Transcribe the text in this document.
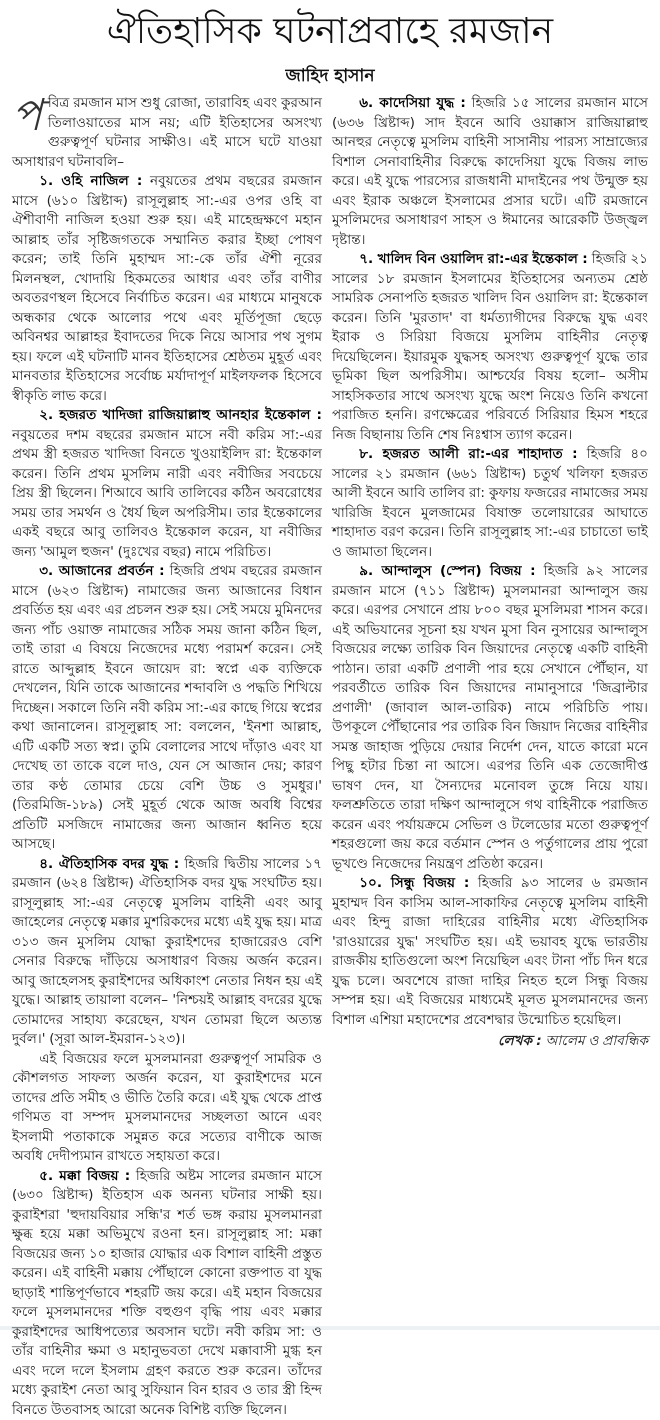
ঐতিহাসিক ঘটনাপ্রবাহে রমজান
জাহিদ হাসান

পবিত্র রমজান মাস শুধু রোজা, তারাবিহ এবং কুরআন তিলাওয়াতের মাস নয়; এটি ইতিহাসের অসংখ্য গুরুত্বপূর্ণ ঘটনার সাক্ষীও। এই মাসে ঘটে যাওয়া অসাধারণ ঘটনাবলি–

১. ওহি নাজিল : নবুয়তের প্রথম বছরের রমজান মাসে (৬১০ খ্রিষ্টাব্দ) রাসূলুল্লাহ সা:-এর ওপর ওহি বা ঐশীবাণী নাজিল হওয়া শুরু হয়। এই মাহেন্দ্রক্ষণে মহান আল্লাহ তাঁর সৃষ্টিজগতকে সম্মানিত করার ইচ্ছা পোষণ করেন; তাই তিনি মুহাম্মদ সা:-কে তাঁর ঐশী নূরের মিলনস্থল, খোদায়ি হিকমতের আধার এবং তাঁর বাণীর অবতরণস্থল হিসেবে নির্বাচিত করেন। এর মাধ্যমে মানুষকে অন্ধকার থেকে আলোর পথে এবং মূর্তিপূজা ছেড়ে অবিনশ্বর আল্লাহর ইবাদতের দিকে নিয়ে আসার পথ সুগম হয়। ফলে এই ঘটনাটি মানব ইতিহাসের শ্রেষ্ঠতম মুহূর্ত এবং মানবতার ইতিহাসের সর্বোচ্চ মর্যাদাপূর্ণ মাইলফলক হিসেবে স্বীকৃতি লাভ করে।

২. হজরত খাদিজা রাজিয়াল্লাহু আনহার ইন্তেকাল : নবুয়তের দশম বছরের রমজান মাসে নবী করিম সা:-এর প্রথম স্ত্রী হজরত খাদিজা বিনতে খুওয়াইলিদ রা: ইন্তেকাল করেন। তিনি প্রথম মুসলিম নারী এবং নবীজির সবচেয়ে প্রিয় স্ত্রী ছিলেন। শিআবে আবি তালিবের কঠিন অবরোধের সময় তার সমর্থন ও ধৈর্য ছিল অপরিসীম। তার ইন্তেকালের একই বছরে আবু তালিবও ইন্তেকাল করেন, যা নবীজির জন্য 'আমুল হুজন' (দুঃখের বছর) নামে পরিচিত।

৩. আজানের প্রবর্তন : হিজরি প্রথম বছরের রমজান মাসে (৬২৩ খ্রিষ্টাব্দ) নামাজের জন্য আজানের বিধান প্রবর্তিত হয় এবং এর প্রচলন শুরু হয়। সেই সময়ে মুমিনদের জন্য পাঁচ ওয়াক্ত নামাজের সঠিক সময় জানা কঠিন ছিল, তাই তারা এ বিষয়ে নিজেদের মধ্যে পরামর্শ করেন। সেই রাতে আব্দুল্লাহ ইবনে জায়েদ রা: স্বপ্নে এক ব্যক্তিকে দেখলেন, যিনি তাকে আজানের শব্দাবলি ও পদ্ধতি শিখিয়ে দিচ্ছেন। সকালে তিনি নবী করিম সা:-এর কাছে গিয়ে স্বপ্নের কথা জানালেন। রাসূলুল্লাহ সা: বললেন, 'ইনশা আল্লাহ, এটি একটি সত্য স্বপ্ন। তুমি বেলালের সাথে দাঁড়াও এবং যা দেখেছ তা তাকে বলে দাও, যেন সে আজান দেয়; কারণ তার কণ্ঠ তোমার চেয়ে বেশি উচ্চ ও সুমধুর।' (তিরমিজি-১৮৯) সেই মুহূর্ত থেকে আজ অবধি বিশ্বের প্রতিটি মসজিদে নামাজের জন্য আজান ধ্বনিত হয়ে আসছে।

৪. ঐতিহাসিক বদর যুদ্ধ : হিজরি দ্বিতীয় সালের ১৭ রমজান (৬২৪ খ্রিষ্টাব্দ) ঐতিহাসিক বদর যুদ্ধ সংঘটিত হয়। রাসূলুল্লাহ সা:-এর নেতৃত্বে মুসলিম বাহিনী এবং আবু জাহেলের নেতৃত্বে মক্কার মুশরিকদের মধ্যে এই যুদ্ধ হয়। মাত্র ৩১৩ জন মুসলিম যোদ্ধা কুরাইশদের হাজারেরও বেশি সেনার বিরুদ্ধে দাঁড়িয়ে অসাধারণ বিজয় অর্জন করেন। আবু জাহেলসহ কুরাইশদের অধিকাংশ নেতার নিধন হয় এই যুদ্ধে। আল্লাহ তায়ালা বলেন– 'নিশ্চয়ই আল্লাহ বদরের যুদ্ধে তোমাদের সাহায্য করেছেন, যখন তোমরা ছিলে অত্যন্ত দুর্বল।' (সূরা আল-ইমরান-১২৩)।

এই বিজয়ের ফলে মুসলমানরা গুরুত্বপূর্ণ সামরিক ও কৌশলগত সাফল্য অর্জন করেন, যা কুরাইশদের মনে তাদের প্রতি সমীহ ও ভীতি তৈরি করে। এই যুদ্ধ থেকে প্রাপ্ত গণিমত বা সম্পদ মুসলমানদের সচ্ছলতা আনে এবং ইসলামী পতাকাকে সমুন্নত করে সত্যের বাণীকে আজ অবধি দেদীপ্যমান রাখতে সহায়তা করে।

৫. মক্কা বিজয় : হিজরি অষ্টম সালের রমজান মাসে (৬৩০ খ্রিষ্টাব্দ) ইতিহাস এক অনন্য ঘটনার সাক্ষী হয়। কুরাইশরা 'হুদায়বিয়ার সন্ধি'র শর্ত ভঙ্গ করায় মুসলমানরা ক্ষুব্ধ হয়ে মক্কা অভিমুখে রওনা হন। রাসূলুল্লাহ সা: মক্কা বিজয়ের জন্য ১০ হাজার যোদ্ধার এক বিশাল বাহিনী প্রস্তুত করেন। এই বাহিনী মক্কায় পৌঁছালে কোনো রক্তপাত বা যুদ্ধ ছাড়াই শান্তিপূর্ণভাবে শহরটি জয় করে। এই মহান বিজয়ের ফলে মুসলমানদের শক্তি বহুগুণ বৃদ্ধি পায় এবং মক্কার কুরাইশদের আধিপত্যের অবসান ঘটে। নবী করিম সা: ও তাঁর বাহিনীর ক্ষমা ও মহানুভবতা দেখে মক্কাবাসী মুগ্ধ হন এবং দলে দলে ইসলাম গ্রহণ করতে শুরু করেন। তাঁদের মধ্যে কুরাইশ নেতা আবু সুফিয়ান বিন হারব ও তার স্ত্রী হিন্দ বিনতে উতবাসহ আরো অনেক বিশিষ্ট ব্যক্তি ছিলেন।

৬. কাদেসিয়া যুদ্ধ : হিজরি ১৫ সালের রমজান মাসে (৬৩৬ খ্রিষ্টাব্দ) সাদ ইবনে আবি ওয়াক্কাস রাজিয়াল্লাহু আনহুর নেতৃত্বে মুসলিম বাহিনী সাসানীয় পারস্য সাম্রাজ্যের বিশাল সেনাবাহিনীর বিরুদ্ধে কাদেসিয়া যুদ্ধে বিজয় লাভ করে। এই যুদ্ধে পারস্যের রাজধানী মাদাইনের পথ উন্মুক্ত হয় এবং ইরাক অঞ্চলে ইসলামের প্রসার ঘটে। এটি রমজানে মুসলিমদের অসাধারণ সাহস ও ঈমানের আরেকটি উজ্জ্বল দৃষ্টান্ত।

৭. খালিদ বিন ওয়ালিদ রা:-এর ইন্তেকাল : হিজরি ২১ সালের ১৮ রমজান ইসলামের ইতিহাসের অন্যতম শ্রেষ্ঠ সামরিক সেনাপতি হজরত খালিদ বিন ওয়ালিদ রা: ইন্তেকাল করেন। তিনি 'মুরতাদ' বা ধর্মত্যাগীদের বিরুদ্ধে যুদ্ধ এবং ইরাক ও সিরিয়া বিজয়ে মুসলিম বাহিনীর নেতৃত্ব দিয়েছিলেন। ইয়ারমুক যুদ্ধসহ অসংখ্য গুরুত্বপূর্ণ যুদ্ধে তার ভূমিকা ছিল অপরিসীম। আশ্চর্যের বিষয় হলো– অসীম সাহসিকতার সাথে অসংখ্য যুদ্ধে অংশ নিয়েও তিনি কখনো পরাজিত হননি। রণক্ষেত্রের পরিবর্তে সিরিয়ার হিমস শহরে নিজ বিছানায় তিনি শেষ নিঃশ্বাস ত্যাগ করেন।

৮. হজরত আলী রা:-এর শাহাদাত : হিজরি ৪০ সালের ২১ রমজান (৬৬১ খ্রিষ্টাব্দ) চতুর্থ খলিফা হজরত আলী ইবনে আবি তালিব রা: কুফায় ফজরের নামাজের সময় খারিজি ইবনে মুলজামের বিষাক্ত তলোয়ারের আঘাতে শাহাদাত বরণ করেন। তিনি রাসূলুল্লাহ সা:-এর চাচাতো ভাই ও জামাতা ছিলেন।

৯. আন্দালুস (স্পেন) বিজয় : হিজরি ৯২ সালের রমজান মাসে (৭১১ খ্রিষ্টাব্দ) মুসলমানরা আন্দালুস জয় করে। এরপর সেখানে প্রায় ৮০০ বছর মুসলিমরা শাসন করে। এই অভিযানের সূচনা হয় যখন মুসা বিন নুসায়ের আন্দালুস বিজয়ের লক্ষ্যে তারিক বিন জিয়াদের নেতৃত্বে একটি বাহিনী পাঠান। তারা একটি প্রণালী পার হয়ে সেখানে পৌঁছান, যা পরবর্তীতে তারিক বিন জিয়াদের নামানুসারে 'জিব্রাল্টার প্রণালী' (জাবাল আল-তারিক) নামে পরিচিতি পায়। উপকূলে পৌঁছানোর পর তারিক বিন জিয়াদ নিজের বাহিনীর সমস্ত জাহাজ পুড়িয়ে দেয়ার নির্দেশ দেন, যাতে কারো মনে পিছু হটার চিন্তা না আসে। এরপর তিনি এক তেজোদীপ্ত ভাষণ দেন, যা সৈন্যদের মনোবল তুঙ্গে নিয়ে যায়। ফলশ্রুতিতে তারা দক্ষিণ আন্দালুসে গথ বাহিনীকে পরাজিত করেন এবং পর্যায়ক্রমে সেভিল ও টলেডোর মতো গুরুত্বপূর্ণ শহরগুলো জয় করে বর্তমান স্পেন ও পর্তুগালের প্রায় পুরো ভূখণ্ডে নিজেদের নিয়ন্ত্রণ প্রতিষ্ঠা করেন।

১০. সিন্ধু বিজয় : হিজরি ৯৩ সালের ৬ রমজান মুহাম্মদ বিন কাসিম আল-সাকাফির নেতৃত্বে মুসলিম বাহিনী এবং হিন্দু রাজা দাহিরের বাহিনীর মধ্যে ঐতিহাসিক 'রাওয়ারের যুদ্ধ' সংঘটিত হয়। এই ভয়াবহ যুদ্ধে ভারতীয় রাজকীয় হাতিগুলো অংশ নিয়েছিল এবং টানা পাঁচ দিন ধরে যুদ্ধ চলে। অবশেষে রাজা দাহির নিহত হলে সিন্ধু বিজয় সম্পন্ন হয়। এই বিজয়ের মাধ্যমেই মূলত মুসলমানদের জন্য বিশাল এশিয়া মহাদেশের প্রবেশদ্বার উন্মোচিত হয়েছিল।

লেখক : আলেম ও প্রাবন্ধিক
